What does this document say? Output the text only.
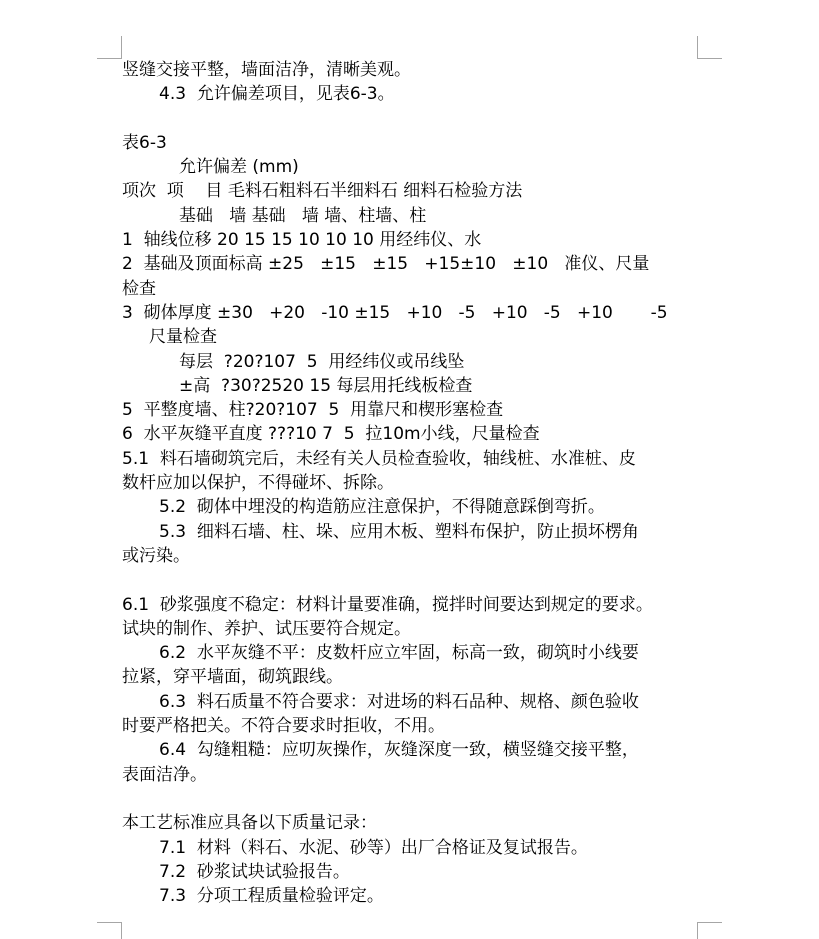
竖缝交接平整，墙面洁净，清晰美观。
4.3  允许偏差项目，见表6-3。
表6-3
允许偏差 (mm)
项次  项    目 毛料石粗料石半细料石 细料石检验方法
基础   墙 基础   墙 墙、柱墙、柱
1  轴线位移 20 15 15 10 10 10 用经纬仪、水
2  基础及顶面标高 ±25   ±15   ±15   +15±10   ±10   准仪、尺量
检查
3  砌体厚度 ±30   +20   -10 ±15   +10   -5   +10   -5   +10       -5
尺量检查
每层  ?20?107  5  用经纬仪或吊线坠
±高  ?30?2520 15 每层用托线板检查
5  平整度墙、柱?20?107  5  用靠尺和楔形塞检查
6  水平灰缝平直度 ???10 7  5  拉10m小线，尺量检查
5.1  料石墙砌筑完后，未经有关人员检查验收，轴线桩、水准桩、皮
数杆应加以保护，不得碰坏、拆除。
5.2  砌体中埋没的构造筋应注意保护，不得随意踩倒弯折。
5.3  细料石墙、柱、垛、应用木板、塑料布保护，防止损坏楞角
或污染。
6.1  砂浆强度不稳定：材料计量要准确，搅拌时间要达到规定的要求。
试块的制作、养护、试压要符合规定。
6.2  水平灰缝不平：皮数杆应立牢固，标高一致，砌筑时小线要
拉紧，穿平墙面，砌筑跟线。
6.3  料石质量不符合要求：对进场的料石品种、规格、颜色验收
时要严格把关。不符合要求时拒收，不用。
6.4  勾缝粗糙：应叨灰操作，灰缝深度一致，横竖缝交接平整，
表面洁净。
本工艺标准应具备以下质量记录：
7.1  材料（料石、水泥、砂等）出厂合格证及复试报告。
7.2  砂浆试块试验报告。
7.3  分项工程质量检验评定。
